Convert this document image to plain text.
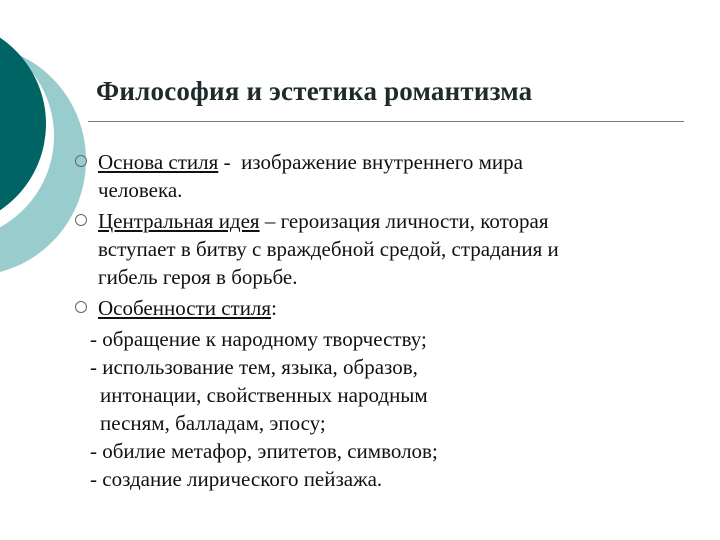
Философия и эстетика романтизма
Основа стиля -  изображение внутреннего мира
человека.
Центральная идея – героизация личности, которая
вступает в битву с враждебной средой, страдания и
гибель героя в борьбе.
Особенности стиля:
- обращение к народному творчеству;
- использование тем, языка, образов,
интонации, свойственных народным
песням, балладам, эпосу;
- обилие метафор, эпитетов, символов;
- создание лирического пейзажа.
